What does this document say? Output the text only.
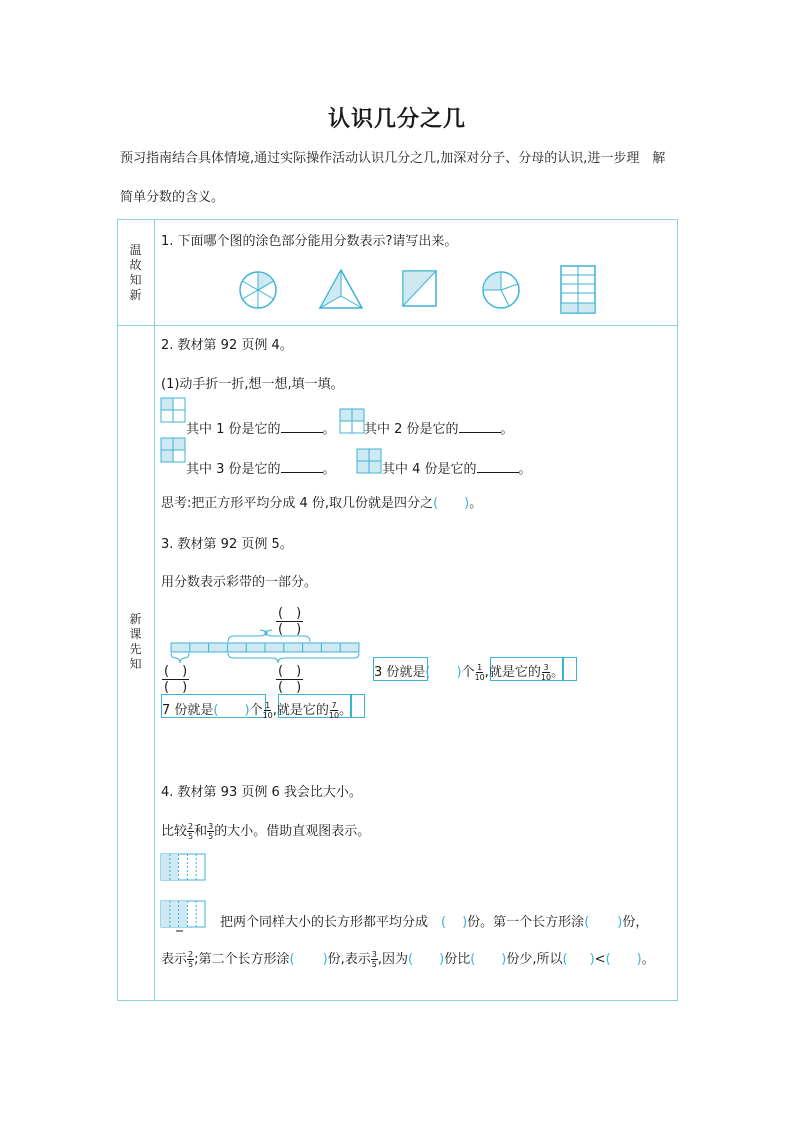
认识几分之几
预习指南结合具体情境,通过实际操作活动认识几分之几,加深对分子、分母的认识,进一步理　解
简单分数的含义。

温
故
知
新
新
课
先
知
1. 下面哪个图的涂色部分能用分数表示?请写出来。
2. 教材第 92 页例 4。
(1)动手折一折,想一想,填一填。
其中 1 份是它的	。 其中 2 份是它的	。
其中 3 份是它的	。	其中 4 份是它的	。
思考:把正方形平均分成 4 份,取几份就是四分之( )。
3. 教材第 92 页例 5。
用分数表示彩带的一部分。
(  )
(  )
(  )
(  )
(  )
(  )
3 份就是( )个 $\frac{1}{10}$ ,就是它的 $\frac{3}{10}$ 。
7 份就是( )个 $\frac{1}{10}$ ,就是它的 $\frac{7}{10}$ 。
4. 教材第 93 页例 6 我会比大小。
比较 $\frac{2}{5}$ 和 $\frac{3}{5}$ 的大小。借助直观图表示。
把两个同样大小的长方形都平均分成  ( )份。第一个长方形涂( )份，
表示 $\frac{2}{5}$ ;第二个长方形涂( )份,表示 $\frac{3}{5}$ ,因为( )份比( )份少,所以( )<( )。
